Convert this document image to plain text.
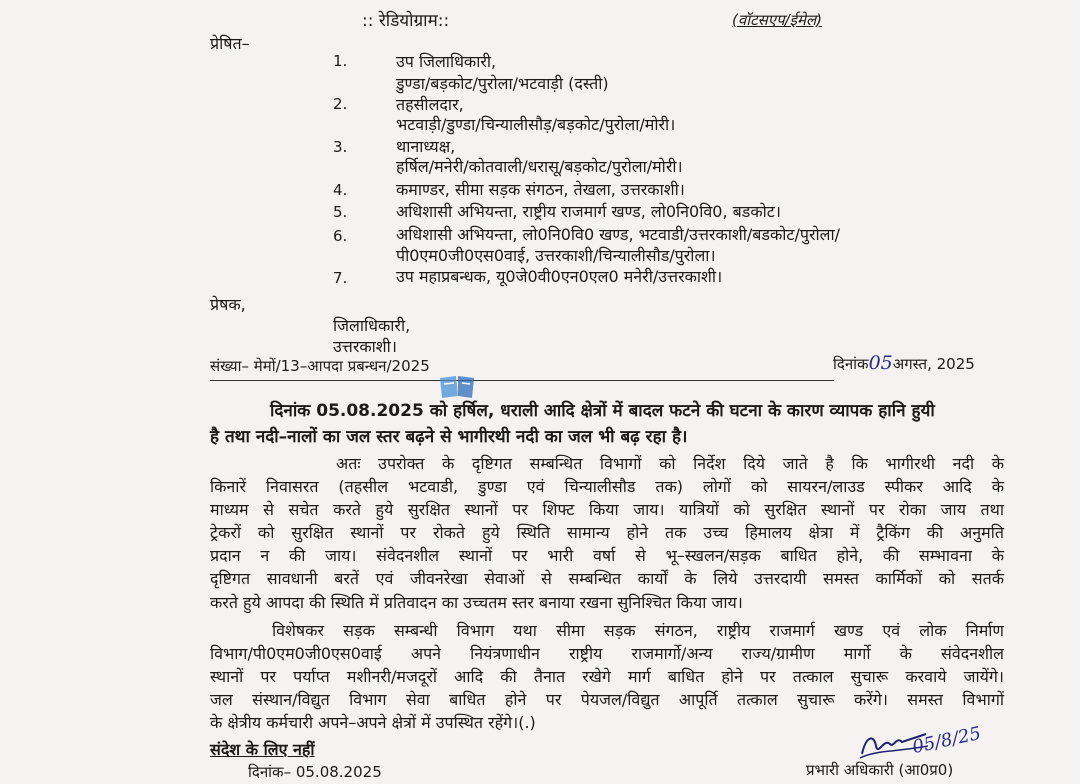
:: रेडियोग्राम::	(वॉटसएप/ईमेल)
प्रेषित–
1.	उप जिलाधिकारी,
डुण्डा/बड़कोट/पुरोला/भटवाड़ी (दस्ती)
2.	तहसीलदार,
भटवाड़ी/डुण्डा/चिन्यालीसौड़/बड़कोट/पुरोला/मोरी।
3.	थानाध्यक्ष,
हर्षिल/मनेरी/कोतवाली/धरासू/बड़कोट/पुरोला/मोरी।
4.	कमाण्डर, सीमा सड़क संगठन, तेखला, उत्तरकाशी।
5.	अधिशासी अभियन्ता, राष्ट्रीय राजमार्ग खण्ड, लो0नि0वि0, बडकोट।
6.	अधिशासी अभियन्ता, लो0नि0वि0 खण्ड, भटवाडी/उत्तरकाशी/बडकोट/पुरोला/
पी0एम0जी0एस0वाई, उत्तरकाशी/चिन्यालीसौड/पुरोला।
7.	उप महाप्रबन्धक, यू0जे0वी0एन0एल0 मनेरी/उत्तरकाशी।
प्रेषक,
जिलाधिकारी,
उत्तरकाशी।
संख्या– मेमों/13–आपदा प्रबन्धन/2025	दिनांक05अगस्त, 2025
दिनांक 05.08.2025 को हर्षिल, धराली आदि क्षेत्रों में बादल फटने की घटना के कारण व्यापक हानि हुयी
है तथा नदी–नालों का जल स्तर बढ़ने से भागीरथी नदी का जल भी बढ़ रहा है।
अतः उपरोक्त के दृष्टिगत सम्बन्धित विभागों को निर्देश दिये जाते है कि भागीरथी नदी के
किनारें निवासरत (तहसील भटवाडी, डुण्डा एवं चिन्यालीसौड तक) लोगों को सायरन/लाउड स्पीकर आदि के
माध्यम से सचेत करते हुये सुरक्षित स्थानों पर शिफ्ट किया जाय। यात्रियों को सुरक्षित स्थानों पर रोका जाय तथा
ट्रेकरों को सुरक्षित स्थानों पर रोकते हुये स्थिति सामान्य होने तक उच्च हिमालय क्षेत्रा में ट्रैकिंग की अनुमति
प्रदान न की जाय। संवेदनशील स्थानों पर भारी वर्षा से भू–स्खलन/सड़क बाधित होने, की सम्भावना के
दृष्टिगत सावधानी बरतें एवं जीवनरेखा सेवाओं से सम्बन्धित कार्यों के लिये उत्तरदायी समस्त कार्मिकों को सतर्क
करते हुये आपदा की स्थिति में प्रतिवादन का उच्चतम स्तर बनाया रखना सुनिश्चित किया जाय।
विशेषकर सड़क सम्बन्धी विभाग यथा सीमा सड़क संगठन, राष्ट्रीय राजमार्ग खण्ड एवं लोक निर्माण
विभाग/पी0एम0जी0एस0वाई अपने नियंत्रणाधीन राष्ट्रीय राजमार्गो/अन्य राज्य/ग्रामीण मार्गो के संवेदनशील
स्थानों पर पर्याप्त मशीनरी/मजदूरों आदि की तैनात रखेगे मार्ग बाधित होने पर तत्काल सुचारू करवाये जायेंगे।
जल संस्थान/विद्युत विभाग सेवा बाधित होने पर पेयजल/विद्युत आपूर्ति तत्काल सुचारू करेंगे। समस्त विभागों
के क्षेत्रीय कर्मचारी अपने–अपने क्षेत्रों में उपस्थित रहेंगे।(.)
संदेश के लिए नहीं
दिनांक– 05.08.2025	प्रभारी अधिकारी (आ0प्र0)
05/8/25
